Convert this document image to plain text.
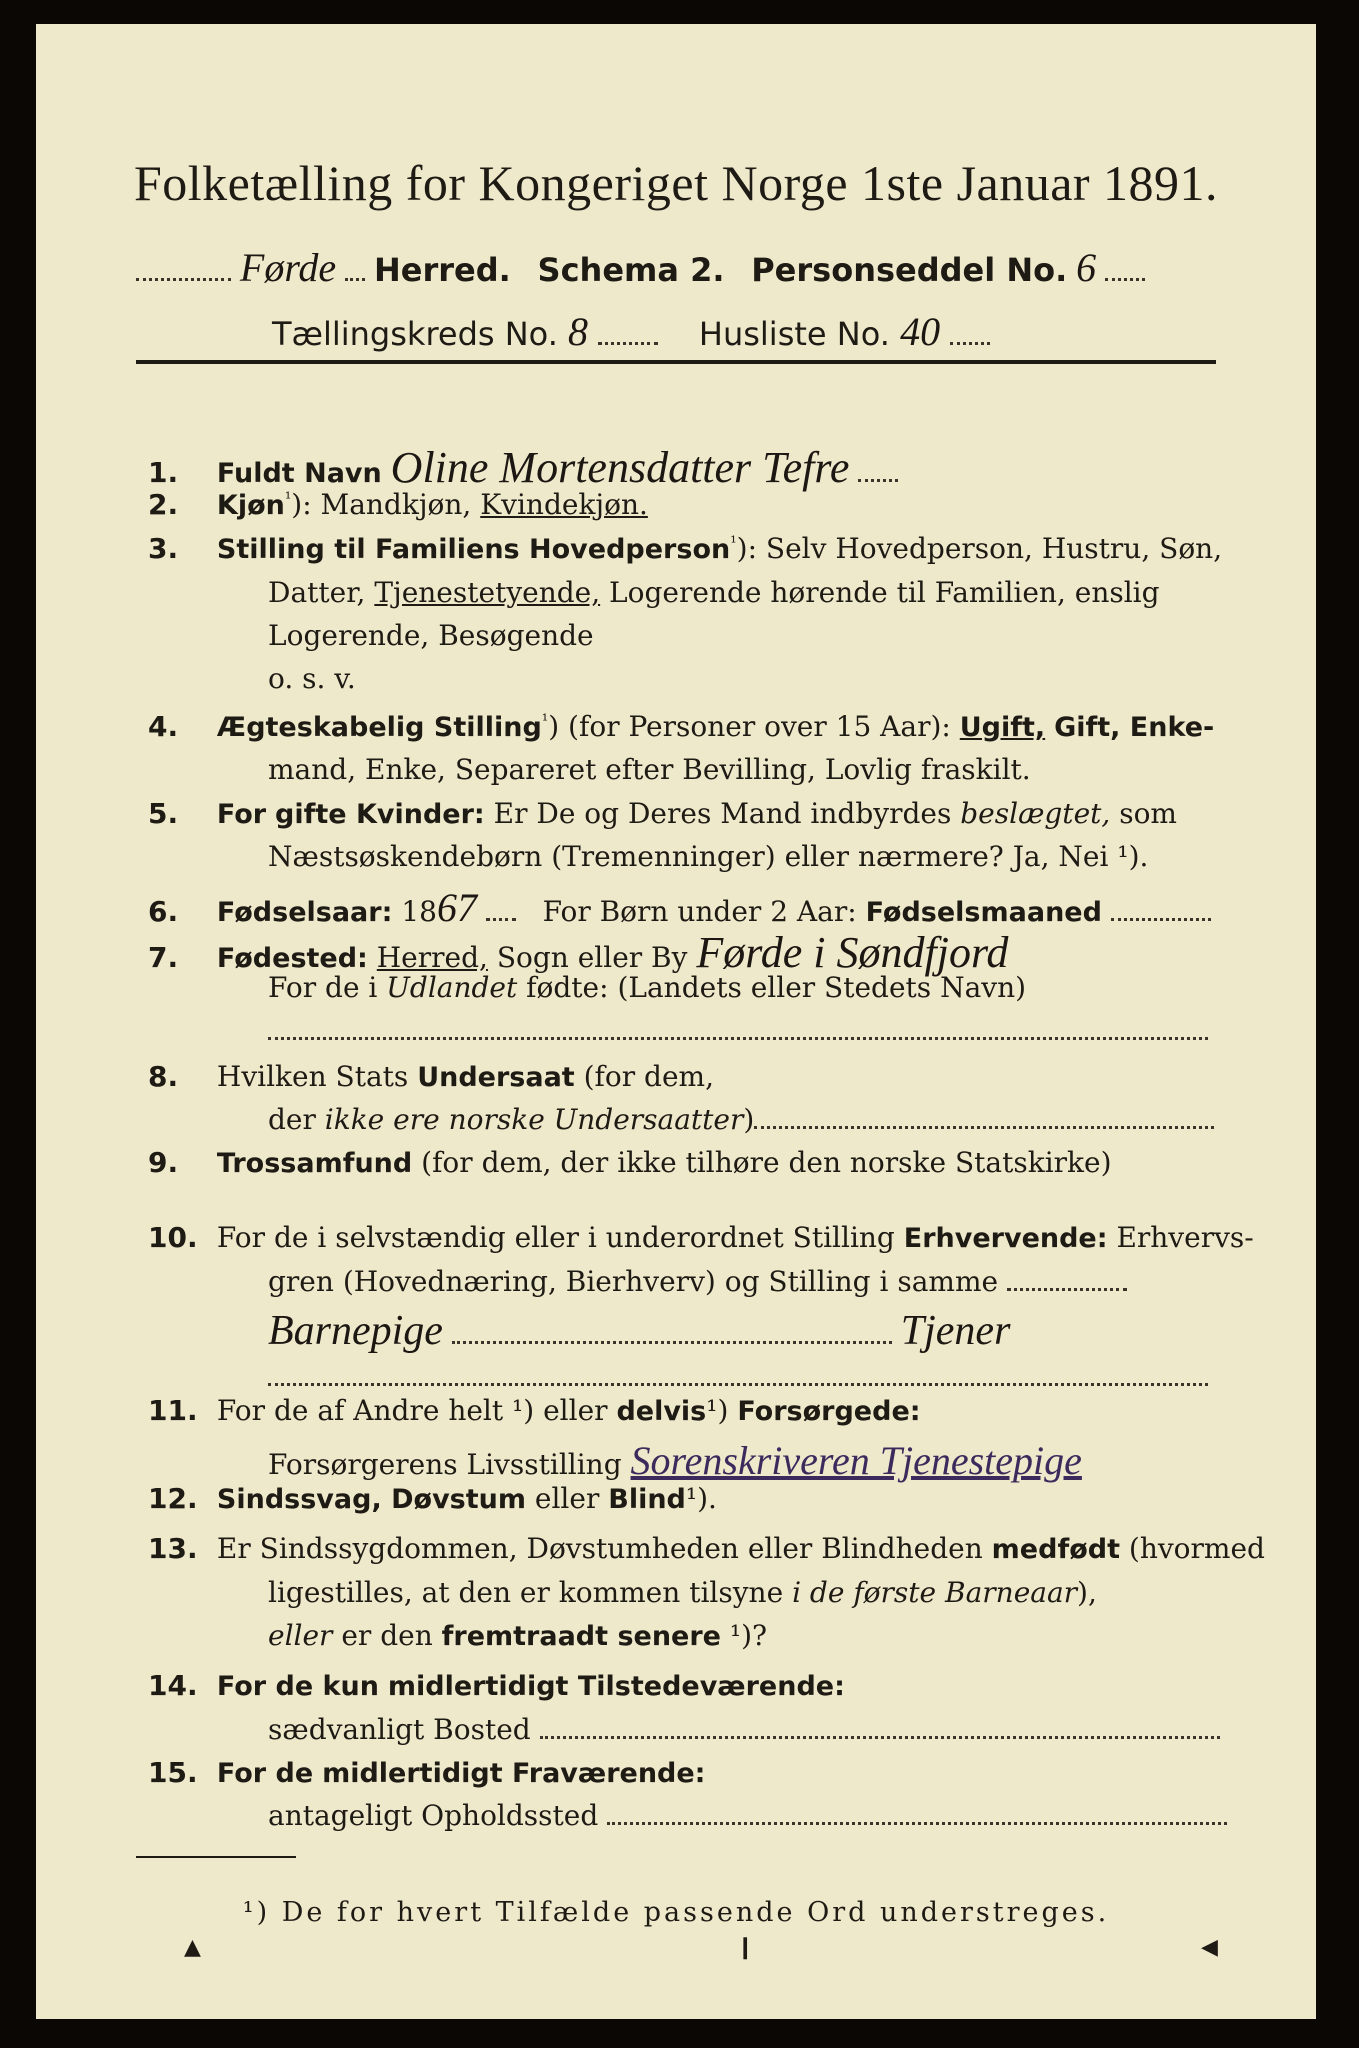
Folketælling for Kongeriget Norge 1ste Januar 1891.
Førde Herred. Schema 2. Personseddel No. 6
Tællingskreds No. 8	Husliste No. 40
1. Fuldt Navn Oline Mortensdatter Tefre
2. Kjøn$^{^1}$): Mandkjøn, Kvindekjøn.
3. Stilling til Familiens Hovedperson$^{^1}$): Selv Hovedperson, Hustru, Søn,
Datter, Tjenestetyende, Logerende hørende til Familien, enslig
Logerende, Besøgende
o. s. v.
4. Ægteskabelig Stilling$^{^1}$) (for Personer over 15 Aar): Ugift, Gift, Enke-
mand, Enke, Separeret efter Bevilling, Lovlig fraskilt.
5. For gifte Kvinder: Er De og Deres Mand indbyrdes beslægtet, som
Næstsøskendebørn (Tremenninger) eller nærmere? Ja, Nei ¹).
6. Fødselsaar: 1867 For Børn under 2 Aar: Fødselsmaaned
7. Fødested: Herred, Sogn eller By Førde i Søndfjord
For de i Udlandet fødte: (Landets eller Stedets Navn)
8. Hvilken Stats Undersaat (for dem,
der ikke ere norske Undersaatter)
9. Trossamfund (for dem, der ikke tilhøre den norske Statskirke)
10. For de i selvstændig eller i underordnet Stilling Erhvervende: Erhvervs-
gren (Hovednæring, Bierhverv) og Stilling i samme
Barnepige	Tjener
11. For de af Andre helt ¹) eller delvis¹) Forsørgede:
Forsørgerens Livsstilling Sorenskriveren Tjenestepige
12. Sindssvag, Døvstum eller Blind¹).
13. Er Sindssygdommen, Døvstumheden eller Blindheden medfødt (hvormed
ligestilles, at den er kommen tilsyne i de første Barneaar),
eller er den fremtraadt senere ¹)?
14. For de kun midlertidigt Tilstedeværende:
sædvanligt Bosted
15. For de midlertidigt Fraværende:
antageligt Opholdssted
¹) De for hvert Tilfælde passende Ord understreges.
▲	❙	◀
